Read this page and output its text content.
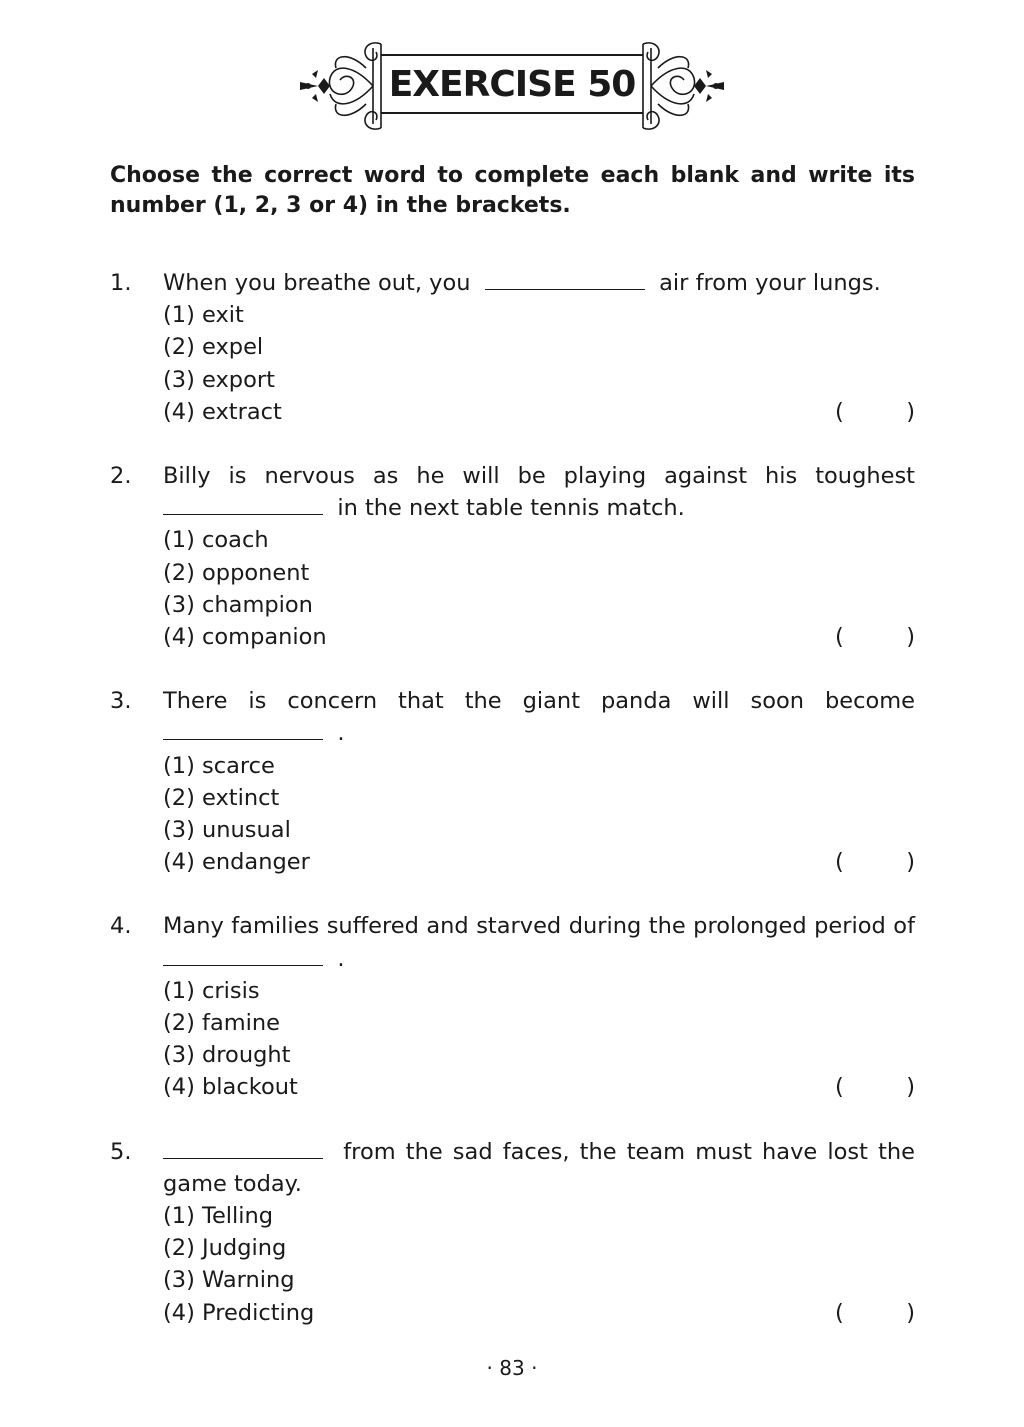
EXERCISE 50
Choose the correct word to complete each blank and write its number (1, 2, 3 or 4) in the brackets.
1. When you breathe out, you	air from your lungs.
(1) exit
(2) expel
(3) export
(4) extract	(	)
2. Billy is nervous as he will be playing against his toughest   in the next table tennis match.
(1) coach
(2) opponent
(3) champion
(4) companion	(	)
3. There is concern that the giant panda will soon become   .
(1) scarce
(2) extinct
(3) unusual
(4) endanger	(	)
4. Many families suffered and starved during the prolonged period of   .
(1) crisis
(2) famine
(3) drought
(4) blackout	(	)
5.	from the sad faces, the team must have lost the game today.
(1) Telling
(2) Judging
(3) Warning
(4) Predicting	(	)
· 83 ·
